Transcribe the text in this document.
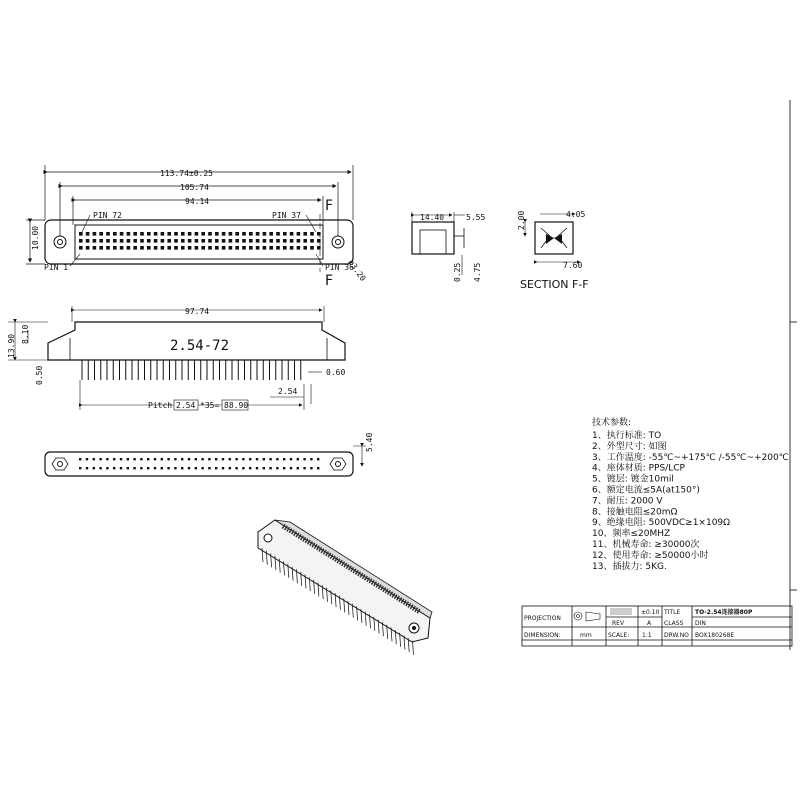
113.74±0.25
105.74
94.14
10.00
ø3.20
PIN 72	PIN 37
PIN 1	PIN 36
F
F
14.40	5.55
0.25 4.75
4.05
2.00
7.60
SECTION F-F
2.54-72
97.74
13.90 8.10
0.50	0.60
2.54
Pitch 2.54 *35= 88.90
5.40
技术参数:
1、执行标准: TO
2、外型尺寸: 如图
3、工作温度: -55℃~+175℃ /-55℃~+200℃
4、座体材质: PPS/LCP
5、镀层: 镀金10mil
6、额定电流≤5A(at150°)
7、耐压: 2000 V
8、接触电阻≤20mΩ
9、绝缘电阻: 500VDC≥1×109Ω
10、频率≤20MHZ
11、机械寿命: ≥30000次
12、使用寿命: ≥50000小时
13、插拔力: 5KG.
PROJECTION
±0.10 TITLE TO-2.54连接器80P
REV	A CLASS DIN
DIMENSION:	mm	SCALE: 1:1 DRW.NO BOX180268E
